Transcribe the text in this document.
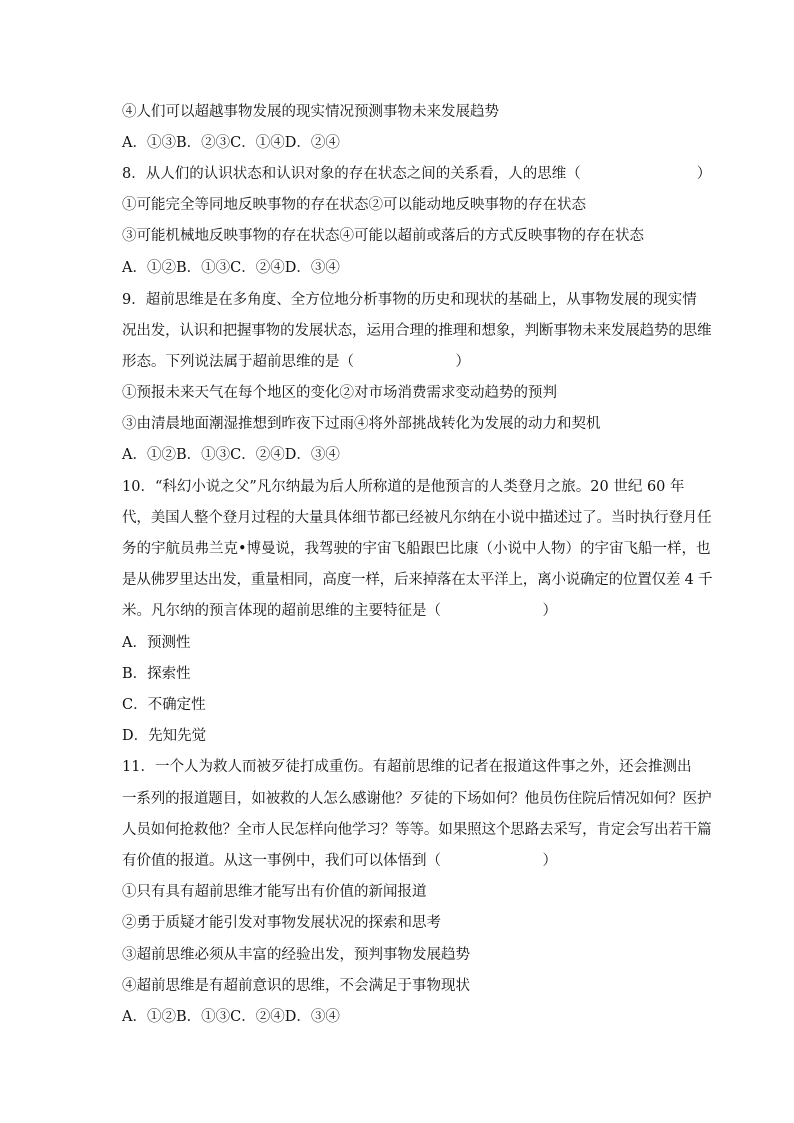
④人们可以超越事物发展的现实情况预测事物未来发展趋势
A．①③B．②③C．①④D．②④
8．从人们的认识状态和认识对象的存在状态之间的关系看，人的思维（　　　　　　　　）
①可能完全等同地反映事物的存在状态②可以能动地反映事物的存在状态
③可能机械地反映事物的存在状态④可能以超前或落后的方式反映事物的存在状态
A．①②B．①③C．②④D．③④
9．超前思维是在多角度、全方位地分析事物的历史和现状的基础上，从事物发展的现实情
况出发，认识和把握事物的发展状态，运用合理的推理和想象，判断事物未来发展趋势的思维
形态。下列说法属于超前思维的是（　　　　　　　）
①预报未来天气在每个地区的变化②对市场消费需求变动趋势的预判
③由清晨地面潮湿推想到昨夜下过雨④将外部挑战转化为发展的动力和契机
A．①②B．①③C．②④D．③④
10．“科幻小说之父”凡尔纳最为后人所称道的是他预言的人类登月之旅。20 世纪 60 年
代，美国人整个登月过程的大量具体细节都已经被凡尔纳在小说中描述过了。当时执行登月任
务的宇航员弗兰克•博曼说，我驾驶的宇宙飞船跟巴比康（小说中人物）的宇宙飞船一样，也
是从佛罗里达出发，重量相同，高度一样，后来掉落在太平洋上，离小说确定的位置仅差 4 千
米。凡尔纳的预言体现的超前思维的主要特征是（　　　　　　　）
A．预测性
B．探索性
C．不确定性
D．先知先觉
11．一个人为救人而被歹徒打成重伤。有超前思维的记者在报道这件事之外，还会推测出
一系列的报道题目，如被救的人怎么感谢他？歹徒的下场如何？他员伤住院后情况如何？医护
人员如何抢救他？全市人民怎样向他学习？等等。如果照这个思路去采写，肯定会写出若干篇
有价值的报道。从这一事例中，我们可以体悟到（　　　　　　　）
①只有具有超前思维才能写出有价值的新闻报道
②勇于质疑才能引发对事物发展状况的探索和思考
③超前思维必须从丰富的经验出发，预判事物发展趋势
④超前思维是有超前意识的思维，不会满足于事物现状
A．①②B．①③C．②④D．③④
